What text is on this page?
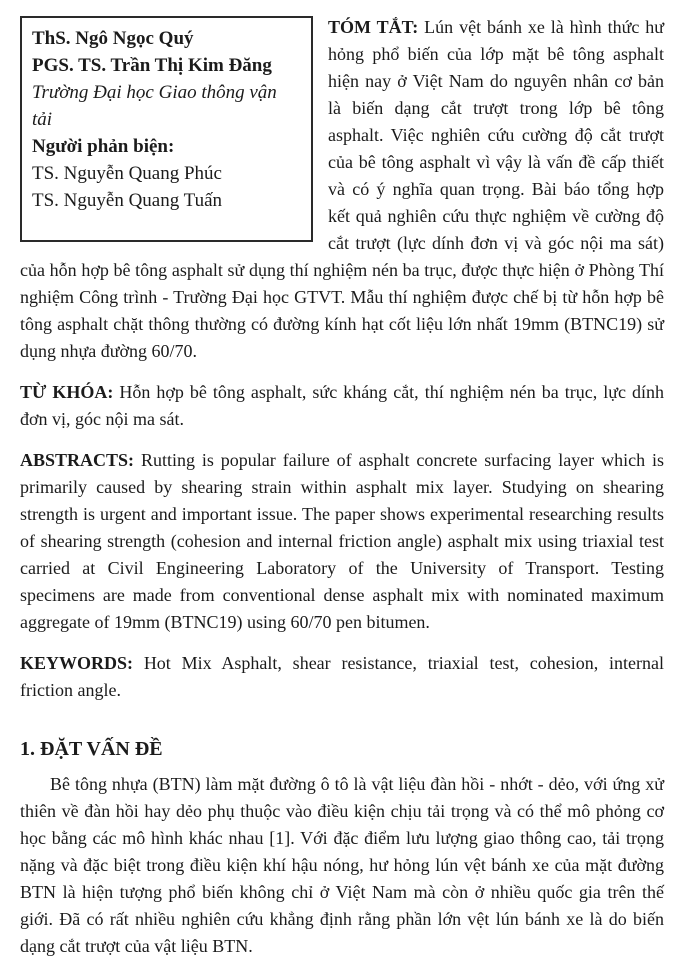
ThS. Ngô Ngọc Quý

PGS. TS. Trần Thị Kim Đăng

Trường Đại học Giao thông vận tải

Người phản biện:

TS. Nguyễn Quang Phúc

TS. Nguyễn Quang Tuấn

TÓM TẮT: Lún vệt bánh xe là hình thức hư hỏng phổ biến của lớp mặt bê tông asphalt hiện nay ở Việt Nam do nguyên nhân cơ bản là biến dạng cắt trượt trong lớp bê tông asphalt. Việc nghiên cứu cường độ cắt trượt của bê tông asphalt vì vậy là vấn đề cấp thiết và có ý nghĩa quan trọng. Bài báo tổng hợp kết quả nghiên cứu thực nghiệm về cường độ cắt trượt (lực dính đơn vị và góc nội ma sát) của hỗn hợp bê tông asphalt sử dụng thí nghiệm nén ba trục, được thực hiện ở Phòng Thí nghiệm Công trình - Trường Đại học GTVT. Mẫu thí nghiệm được chế bị từ hỗn hợp bê tông asphalt chặt thông thường có đường kính hạt cốt liệu lớn nhất 19mm (BTNC19) sử dụng nhựa đường 60/70.

TỪ KHÓA: Hỗn hợp bê tông asphalt, sức kháng cắt, thí nghiệm nén ba trục, lực dính đơn vị, góc nội ma sát.

ABSTRACTS: Rutting is popular failure of asphalt concrete surfacing layer which is primarily caused by shearing strain within asphalt mix layer. Studying on shearing strength is urgent and important issue. The paper shows experimental researching results of shearing strength (cohesion and internal friction angle) asphalt mix using triaxial test carried at Civil Engineering Laboratory of the University of Transport. Testing specimens are made from conventional dense asphalt mix with nominated maximum aggregate of 19mm (BTNC19) using 60/70 pen bitumen.

KEYWORDS: Hot Mix Asphalt, shear resistance, triaxial test, cohesion, internal friction angle.

1. ĐẶT VẤN ĐỀ

Bê tông nhựa (BTN) làm mặt đường ô tô là vật liệu đàn hồi - nhớt - dẻo, với ứng xử thiên về đàn hồi hay dẻo phụ thuộc vào điều kiện chịu tải trọng và có thể mô phỏng cơ học bằng các mô hình khác nhau [1]. Với đặc điểm lưu lượng giao thông cao, tải trọng nặng và đặc biệt trong điều kiện khí hậu nóng, hư hỏng lún vệt bánh xe của mặt đường BTN là hiện tượng phổ biến không chỉ ở Việt Nam mà còn ở nhiều quốc gia trên thế giới. Đã có rất nhiều nghiên cứu khẳng định rằng phần lớn vệt lún bánh xe là do biến dạng cắt trượt của vật liệu BTN.
